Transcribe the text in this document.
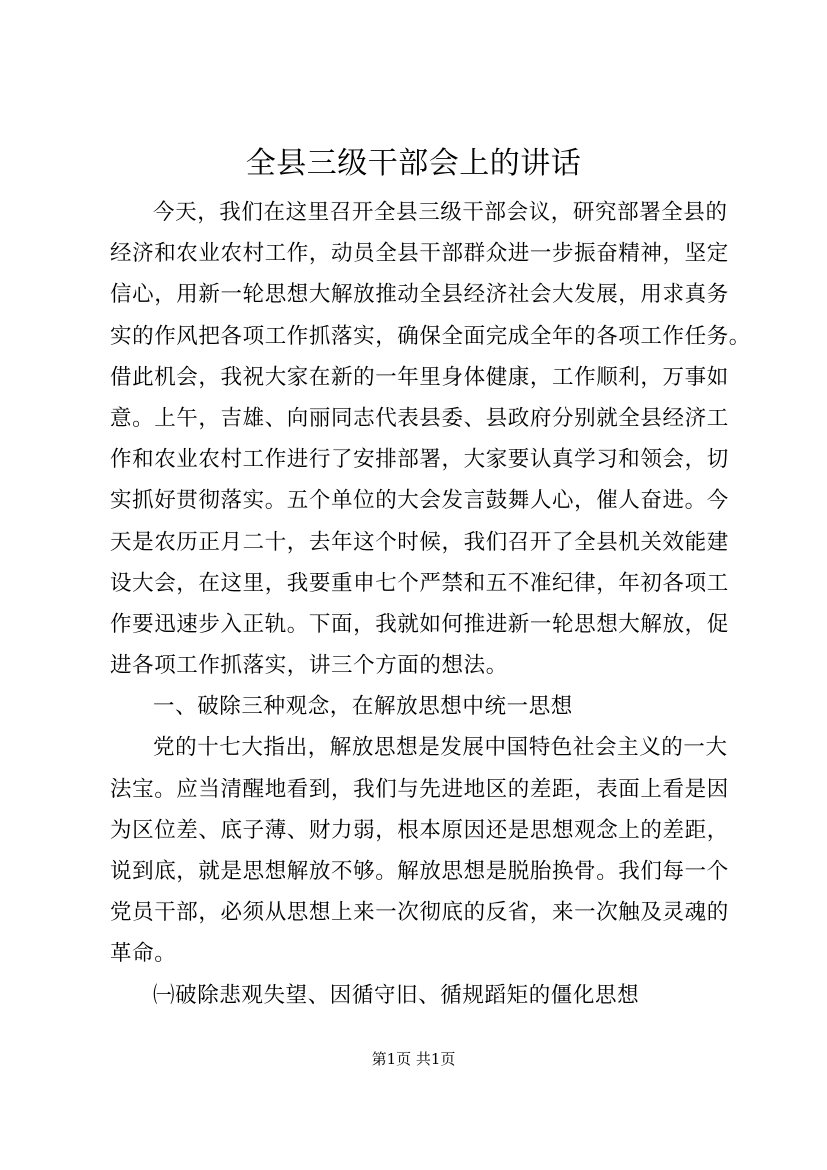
全县三级干部会上的讲话
今天，我们在这里召开全县三级干部会议，研究部署全县的
经济和农业农村工作，动员全县干部群众进一步振奋精神，坚定
信心，用新一轮思想大解放推动全县经济社会大发展，用求真务
实的作风把各项工作抓落实，确保全面完成全年的各项工作任务。
借此机会，我祝大家在新的一年里身体健康，工作顺利，万事如
意。上午，吉雄、向丽同志代表县委、县政府分别就全县经济工
作和农业农村工作进行了安排部署，大家要认真学习和领会，切
实抓好贯彻落实。五个单位的大会发言鼓舞人心，催人奋进。今
天是农历正月二十，去年这个时候，我们召开了全县机关效能建
设大会，在这里，我要重申七个严禁和五不准纪律，年初各项工
作要迅速步入正轨。下面，我就如何推进新一轮思想大解放，促
进各项工作抓落实，讲三个方面的想法。
一、破除三种观念，在解放思想中统一思想
党的十七大指出，解放思想是发展中国特色社会主义的一大
法宝。应当清醒地看到，我们与先进地区的差距，表面上看是因
为区位差、底子薄、财力弱，根本原因还是思想观念上的差距，
说到底，就是思想解放不够。解放思想是脱胎换骨。我们每一个
党员干部，必须从思想上来一次彻底的反省，来一次触及灵魂的
革命。
㈠破除悲观失望、因循守旧、循规蹈矩的僵化思想
第1页 共1页
